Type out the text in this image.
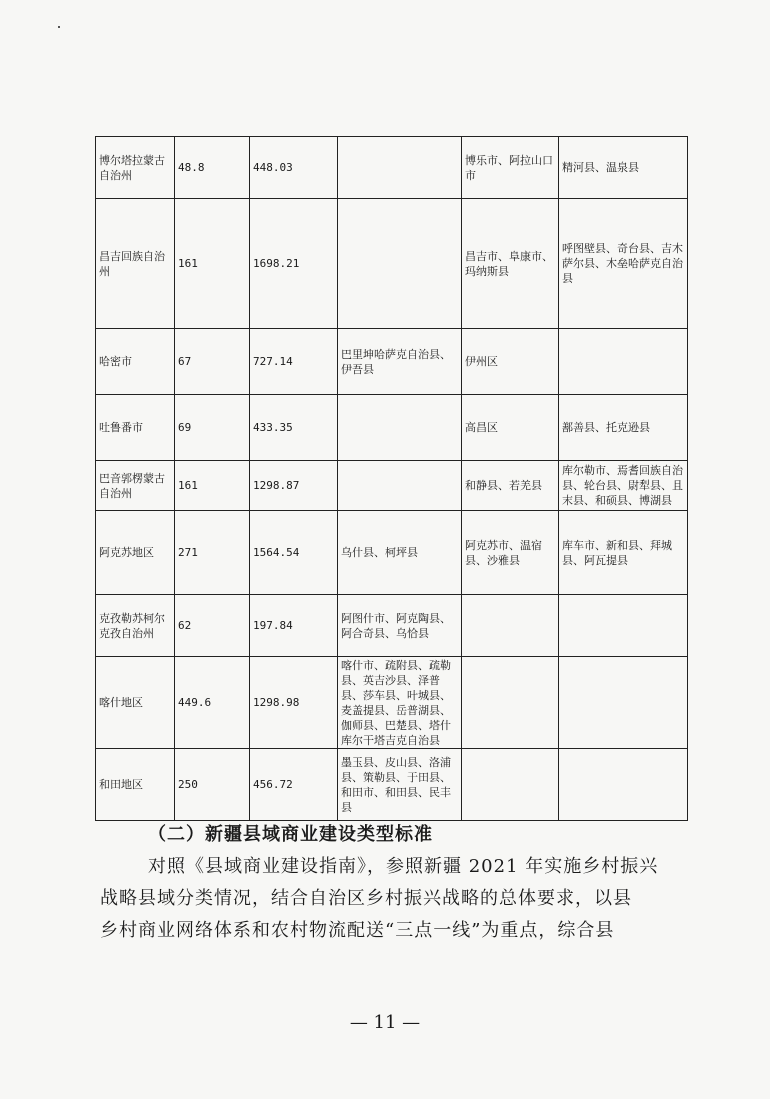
博尔塔拉蒙古自治州	48.8	448.03		博乐市、阿拉山口市	精河县、温泉县
昌吉回族自治州	161	1698.21		昌吉市、阜康市、玛纳斯县	呼图壁县、奇台县、吉木萨尔县、木垒哈萨克自治县
哈密市	67	727.14	巴里坤哈萨克自治县、伊吾县	伊州区	
吐鲁番市	69	433.35		高昌区	鄯善县、托克逊县
巴音郭楞蒙古自治州	161	1298.87		和静县、若羌县	库尔勒市、焉耆回族自治县、轮台县、尉犁县、且末县、和硕县、博湖县
阿克苏地区	271	1564.54	乌什县、柯坪县	阿克苏市、温宿县、沙雅县	库车市、新和县、拜城县、阿瓦提县
克孜勒苏柯尔克孜自治州	62	197.84	阿图什市、阿克陶县、阿合奇县、乌恰县		
喀什地区	449.6	1298.98	喀什市、疏附县、疏勒县、英吉沙县、泽普县、莎车县、叶城县、麦盖提县、岳普湖县、伽师县、巴楚县、塔什库尔干塔吉克自治县		
和田地区	250	456.72	墨玉县、皮山县、洛浦县、策勒县、于田县、和田市、和田县、民丰县		
（二）新疆县域商业建设类型标准
对照《县域商业建设指南》，参照新疆 2021 年实施乡村振兴
战略县域分类情况，结合自治区乡村振兴战略的总体要求，以县
乡村商业网络体系和农村物流配送“三点一线”为重点，综合县
— 11 —
